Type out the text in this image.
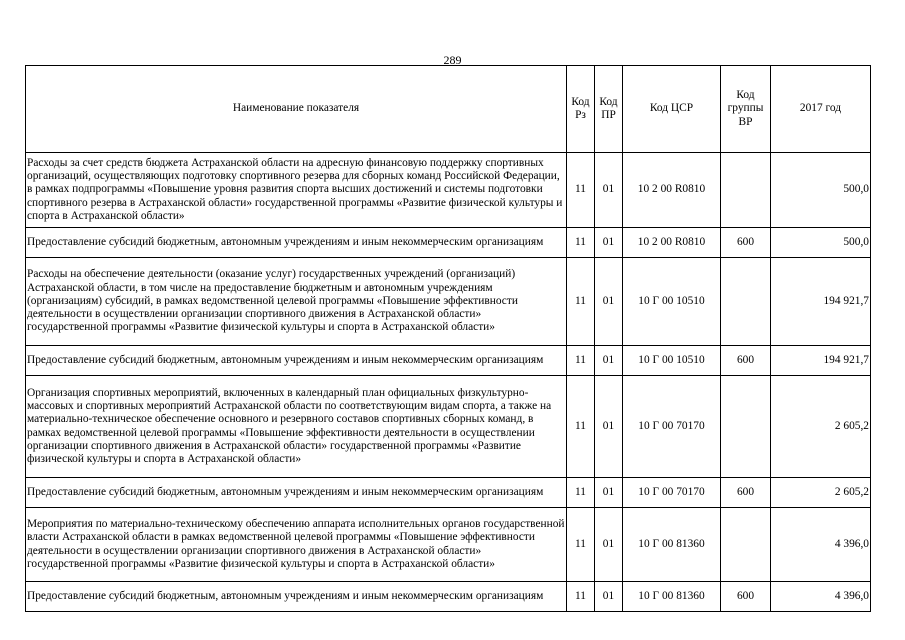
289
Наименование показателя	Код Рз	Код ПР	Код ЦСР	Код группы ВР	2017 год
Расходы за счет средств бюджета Астраханской области на адресную финансовую поддержку спортивных организаций, осуществляющих подготовку спортивного резерва для сборных команд Российской Федерации, в рамках подпрограммы «Повышение уровня развития спорта высших достижений и системы подготовки спортивного резерва в Астраханской области» государственной программы «Развитие физической культуры и спорта в Астраханской области»	11	01	10 2 00 R0810		500,0
Предоставление субсидий бюджетным, автономным учреждениям и иным некоммерческим организациям	11	01	10 2 00 R0810	600	500,0
Расходы на обеспечение деятельности (оказание услуг) государственных учреждений (организаций) Астраханской области, в том числе на предоставление бюджетным и автономным учреждениям (организациям) субсидий, в рамках ведомственной целевой программы «Повышение эффективности деятельности в осуществлении организации спортивного движения в Астраханской области» государственной программы «Развитие физической культуры и спорта в Астраханской области»	11	01	10 Г 00 10510		194 921,7
Предоставление субсидий бюджетным, автономным учреждениям и иным некоммерческим организациям	11	01	10 Г 00 10510	600	194 921,7
Организация спортивных мероприятий, включенных в календарный план официальных физкультурно-массовых и спортивных мероприятий Астраханской области по соответствующим видам спорта, а также на материально-техническое обеспечение основного и резервного составов спортивных сборных команд, в рамках ведомственной целевой программы «Повышение эффективности деятельности в осуществлении организации спортивного движения в Астраханской области» государственной программы «Развитие физической культуры и спорта в Астраханской области»	11	01	10 Г 00 70170		2 605,2
Предоставление субсидий бюджетным, автономным учреждениям и иным некоммерческим организациям	11	01	10 Г 00 70170	600	2 605,2
Мероприятия по материально-техническому обеспечению аппарата исполнительных органов государственной власти Астраханской области в рамках ведомственной целевой программы «Повышение эффективности деятельности в осуществлении организации спортивного движения в Астраханской области» государственной программы «Развитие физической культуры и спорта в Астраханской области»	11	01	10 Г 00 81360		4 396,0
Предоставление субсидий бюджетным, автономным учреждениям и иным некоммерческим организациям	11	01	10 Г 00 81360	600	4 396,0
